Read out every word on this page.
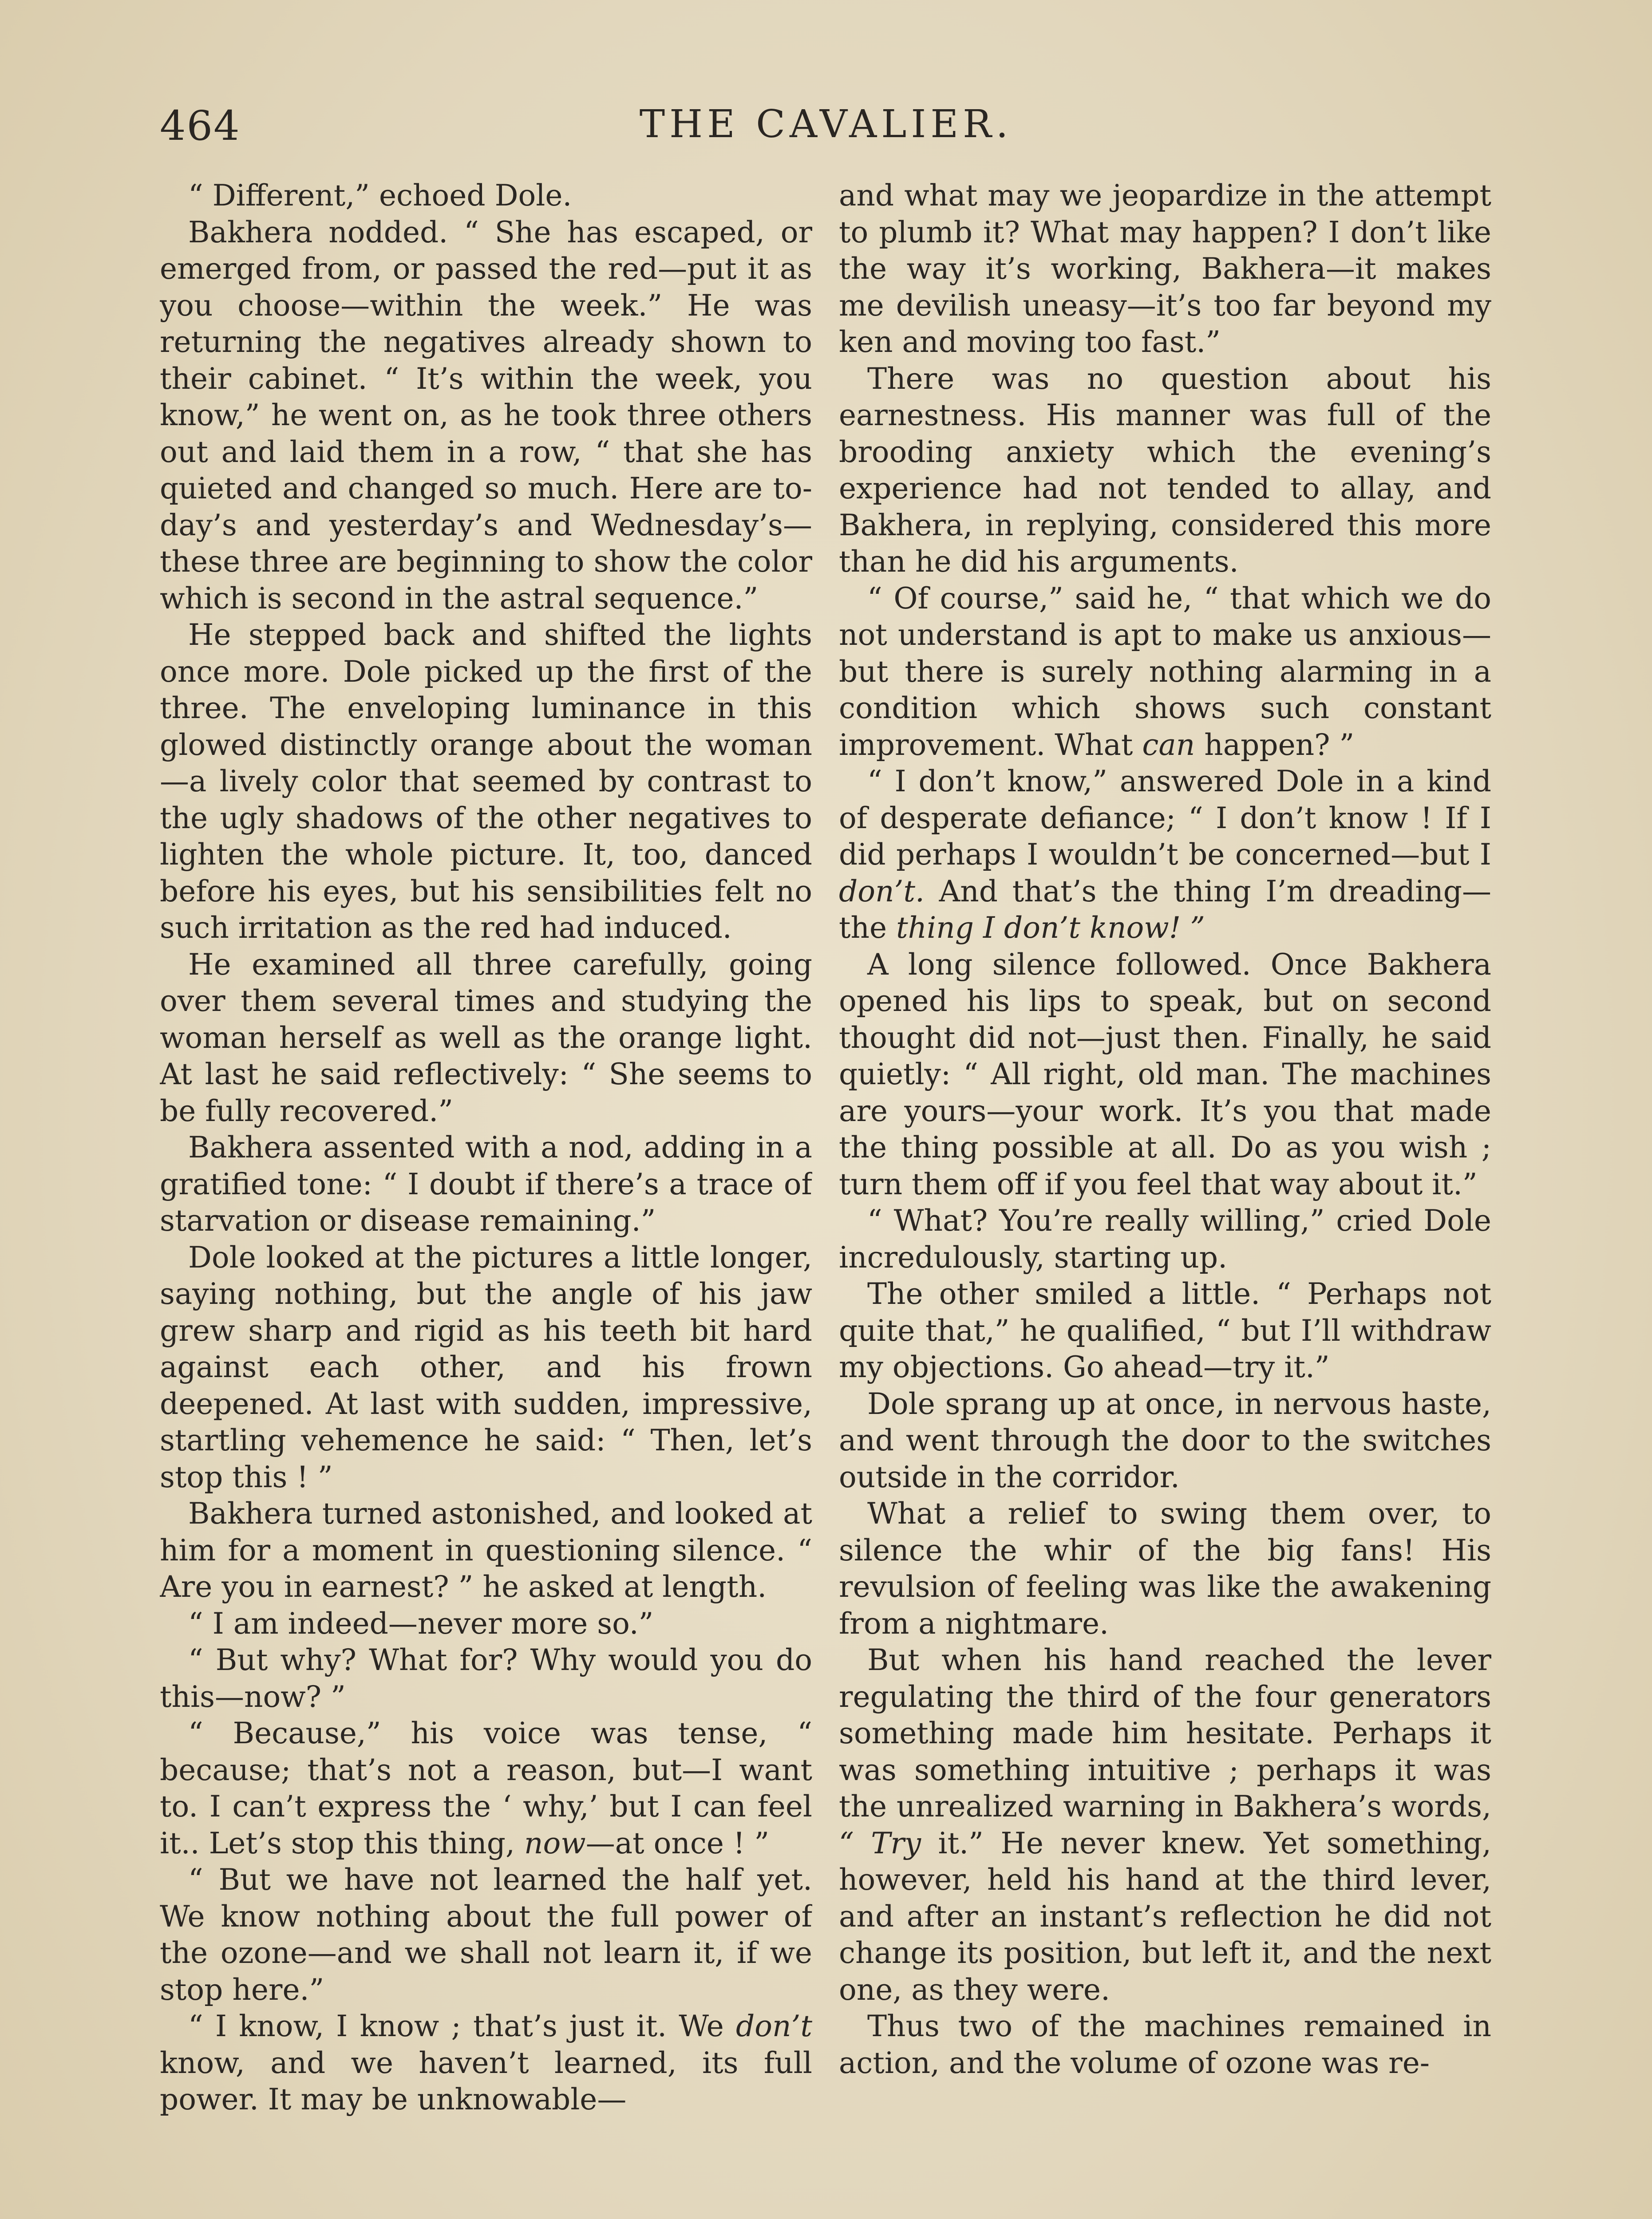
464	THE CAVALIER.

“ Different,” echoed Dole.

Bakhera nodded. “ She has escaped, or emerged from, or passed the red—put it as you choose—within the week.” He was returning the negatives already shown to their cabinet. “ It’s within the week, you know,” he went on, as he took three others out and laid them in a row, “ that she has quieted and changed so much. Here are to-day’s and yesterday’s and Wednesday’s—these three are beginning to show the color which is second in the astral sequence.”

He stepped back and shifted the lights once more. Dole picked up the first of the three. The enveloping luminance in this glowed distinctly orange about the woman—a lively color that seemed by contrast to the ugly shadows of the other negatives to lighten the whole picture. It, too, danced before his eyes, but his sensibilities felt no such irritation as the red had induced.

He examined all three carefully, going over them several times and studying the woman herself as well as the orange light. At last he said reflectively: “ She seems to be fully recovered.”

Bakhera assented with a nod, adding in a gratified tone: “ I doubt if there’s a trace of starvation or disease remaining.”

Dole looked at the pictures a little longer, saying nothing, but the angle of his jaw grew sharp and rigid as his teeth bit hard against each other, and his frown deepened. At last with sudden, impressive, startling vehemence he said: “ Then, let’s stop this ! ”

Bakhera turned astonished, and looked at him for a moment in questioning silence. “ Are you in earnest? ” he asked at length.

“ I am indeed—never more so.”

“ But why? What for? Why would you do this—now? ”

“ Because,” his voice was tense, “ because; that’s not a reason, but—I want to. I can’t express the ‘ why,’ but I can feel it.. Let’s stop this thing, now—at once ! ”

“ But we have not learned the half yet. We know nothing about the full power of the ozone—and we shall not learn it, if we stop here.”

“ I know, I know ; that’s just it. We don’t know, and we haven’t learned, its full power. It may be unknowable—

and what may we jeopardize in the attempt to plumb it? What may happen? I don’t like the way it’s working, Bakhera—it makes me devilish uneasy—it’s too far beyond my ken and moving too fast.”

There was no question about his earnestness. His manner was full of the brooding anxiety which the evening’s experience had not tended to allay, and Bakhera, in replying, considered this more than he did his arguments.

“ Of course,” said he, “ that which we do not understand is apt to make us anxious—but there is surely nothing alarming in a condition which shows such constant improvement. What can happen? ”

“ I don’t know,” answered Dole in a kind of desperate defiance; “ I don’t know ! If I did perhaps I wouldn’t be concerned—but I don’t. And that’s the thing I’m dreading—the thing I don’t know! ”

A long silence followed. Once Bakhera opened his lips to speak, but on second thought did not—just then. Finally, he said quietly: “ All right, old man. The machines are yours—your work. It’s you that made the thing possible at all. Do as you wish ; turn them off if you feel that way about it.”

“ What? You’re really willing,” cried Dole incredulously, starting up.

The other smiled a little. “ Perhaps not quite that,” he qualified, “ but I’ll withdraw my objections. Go ahead—try it.”

Dole sprang up at once, in nervous haste, and went through the door to the switches outside in the corridor.

What a relief to swing them over, to silence the whir of the big fans! His revulsion of feeling was like the awakening from a nightmare.

But when his hand reached the lever regulating the third of the four generators something made him hesitate. Perhaps it was something intuitive ; perhaps it was the unrealized warning in Bakhera’s words, “ Try it.” He never knew. Yet something, however, held his hand at the third lever, and after an instant’s reflection he did not change its position, but left it, and the next one, as they were.

Thus two of the machines remained in action, and the volume of ozone was re-
